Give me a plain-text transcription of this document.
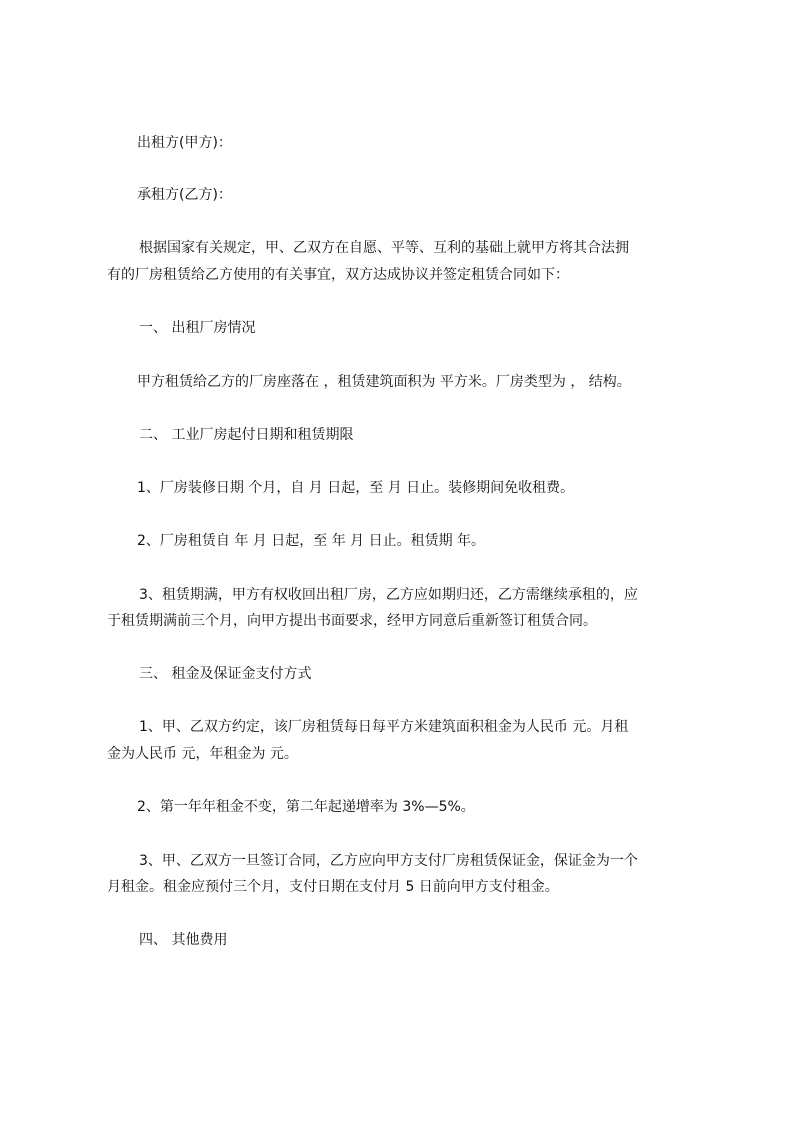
出租方(甲方)：

承租方(乙方)：

根据国家有关规定，甲、乙双方在自愿、平等、互利的基础上就甲方将其合法拥

有的厂房租赁给乙方使用的有关事宜，双方达成协议并签定租赁合同如下：

一、 出租厂房情况

甲方租赁给乙方的厂房座落在 ，租赁建筑面积为 平方米。厂房类型为 ， 结构。

二、 工业厂房起付日期和租赁期限

1、厂房装修日期 个月，自 月 日起，至 月 日止。装修期间免收租费。

2、厂房租赁自 年 月 日起，至 年 月 日止。租赁期 年。

3、租赁期满，甲方有权收回出租厂房，乙方应如期归还，乙方需继续承租的，应

于租赁期满前三个月，向甲方提出书面要求，经甲方同意后重新签订租赁合同。

三、 租金及保证金支付方式

1、甲、乙双方约定，该厂房租赁每日每平方米建筑面积租金为人民币 元。月租

金为人民币 元，年租金为 元。

2、第一年年租金不变，第二年起递增率为 3%—5%。

3、甲、乙双方一旦签订合同，乙方应向甲方支付厂房租赁保证金，保证金为一个

月租金。租金应预付三个月，支付日期在支付月 5 日前向甲方支付租金。

四、 其他费用
